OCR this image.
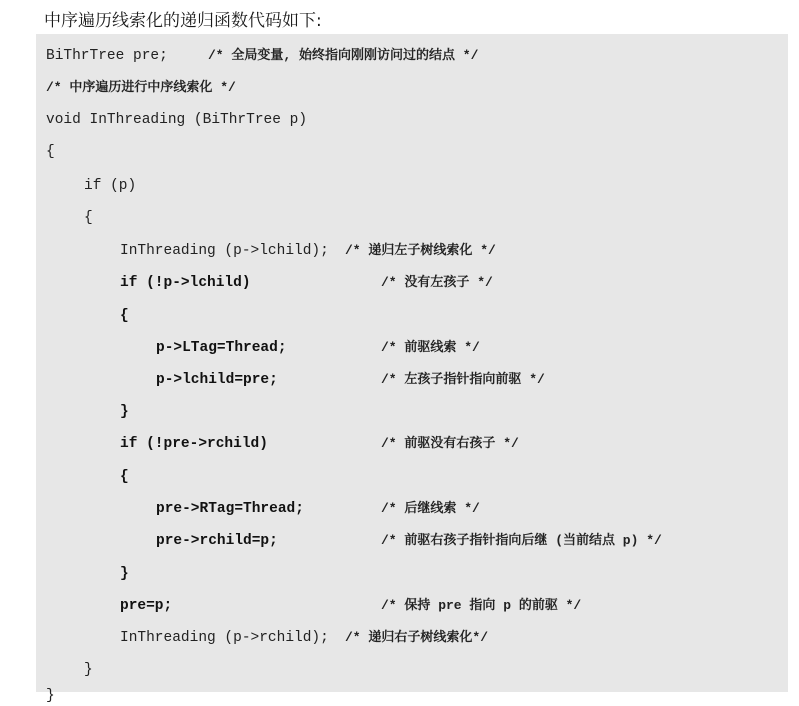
中序遍历线索化的递归函数代码如下:
BiThrTree pre; /* 全局变量, 始终指向刚刚访问过的结点 */
/* 中序遍历进行中序线索化 */
void InThreading (BiThrTree p)
{
if (p)
{
InThreading (p->lchild); /* 递归左子树线索化 */
if (!p->lchild)	/* 没有左孩子 */
{
p->LTag=Thread;	/* 前驱线索 */
p->lchild=pre;	/* 左孩子指针指向前驱 */
}
if (!pre->rchild)	/* 前驱没有右孩子 */
{
pre->RTag=Thread;	/* 后继线索 */
pre->rchild=p;	/* 前驱右孩子指针指向后继 (当前结点 p) */
}
pre=p;	/* 保持 pre 指向 p 的前驱 */
InThreading (p->rchild); /* 递归右子树线索化*/
}
}
